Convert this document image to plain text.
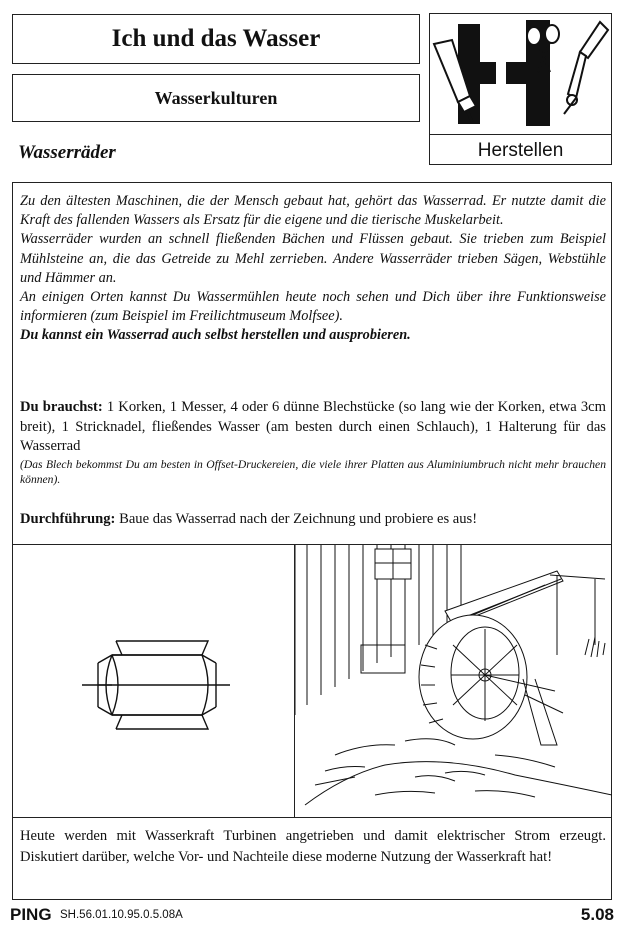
Ich und das Wasser
Wasserkulturen
Wasserräder	Herstellen

Zu den ältesten Maschinen, die der Mensch gebaut hat, gehört das Wasserrad. Er nutzte damit die Kraft des fallenden Wassers als Ersatz für die eigene und die tierische Muskelarbeit.

Wasserräder wurden an schnell fließenden Bächen und Flüssen gebaut. Sie trieben zum Beispiel Mühlsteine an, die das Getreide zu Mehl zerrieben. Andere Wasserräder trieben Sägen, Webstühle und Hämmer an.

An einigen Orten kannst Du Wassermühlen heute noch sehen und Dich über ihre Funktionsweise informieren (zum Beispiel im Freilichtmuseum Molfsee).

Du kannst ein Wasserrad auch selbst herstellen und ausprobieren.

Du brauchst: 1 Korken, 1 Messer, 4 oder 6 dünne Blechstücke (so lang wie der Korken, etwa 3cm breit), 1 Stricknadel, fließendes Wasser (am besten durch einen Schlauch), 1 Halterung für das Wasserrad
(Das Blech bekommst Du am besten in Offset-Druckereien, die viele ihrer Platten aus Aluminiumbruch nicht mehr brauchen können).
Durchführung: Baue das Wasserrad nach der Zeichnung und probiere es aus!
Heute werden mit Wasserkraft Turbinen angetrieben und damit elektrischer Strom erzeugt. Diskutiert darüber, welche Vor- und Nachteile diese moderne Nutzung der Wasserkraft hat!
PING SH.56.01.10.95.0.5.08A	5.08
